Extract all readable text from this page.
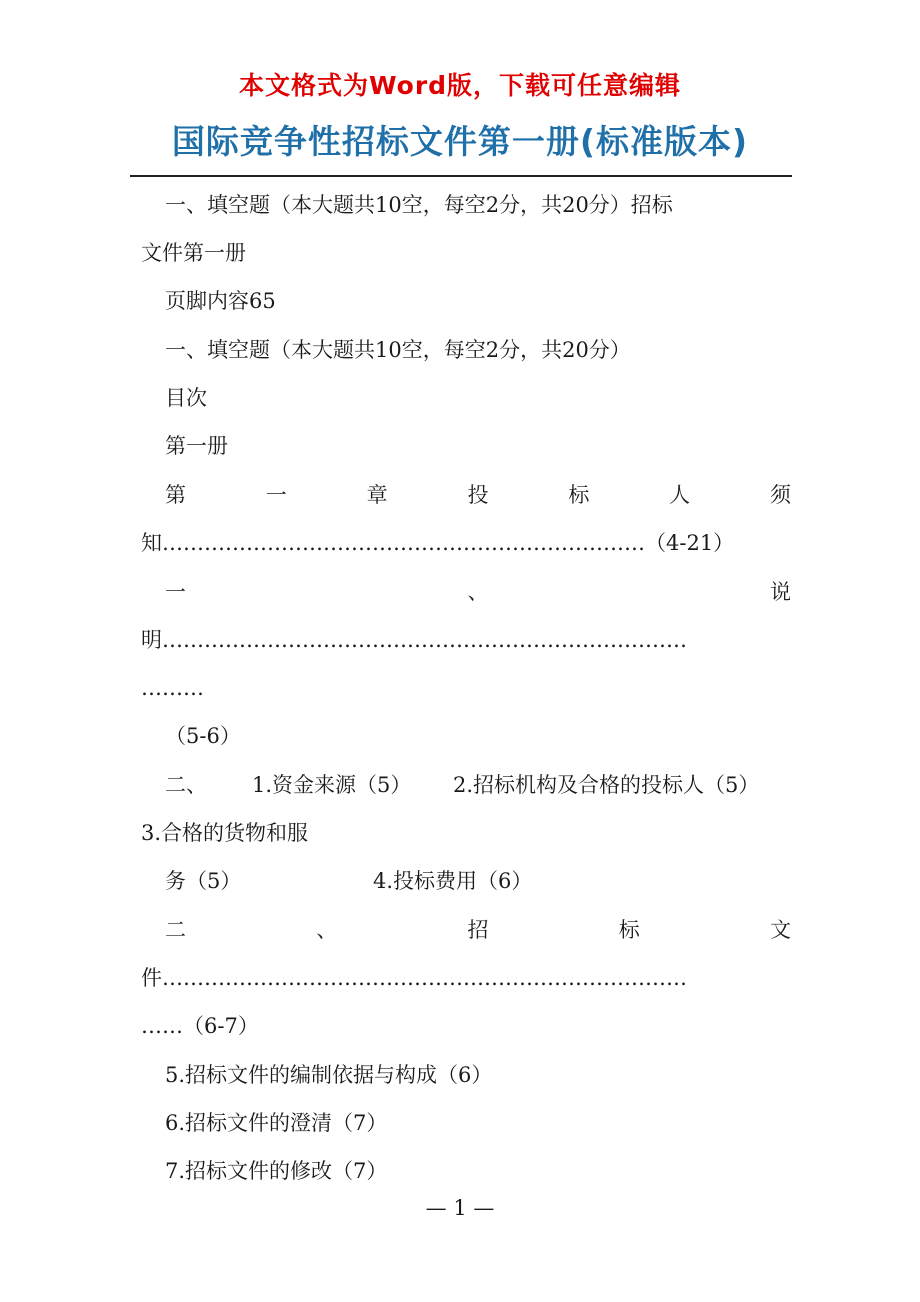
本文格式为Word版，下载可任意编辑
国际竞争性招标文件第一册(标准版本)
一、填空题（本大题共10空，每空2分，共20分）招标
文件第一册
页脚内容65
一、填空题（本大题共10空，每空2分，共20分）
目次
第一册
第	一	章	投	标	人	须
知……………………………………………………………（4-21）
一	、	说
明…………………………………………………………………
………
（5-6）
二、 1.资金来源（5） 2.招标机构及合格的投标人（5）
3.合格的货物和服
务（5）	4.投标费用（6）
二	、	招	标	文
件…………………………………………………………………
……（6-7）
5.招标文件的编制依据与构成（6）
6.招标文件的澄清（7）
7.招标文件的修改（7）
— 1 —
